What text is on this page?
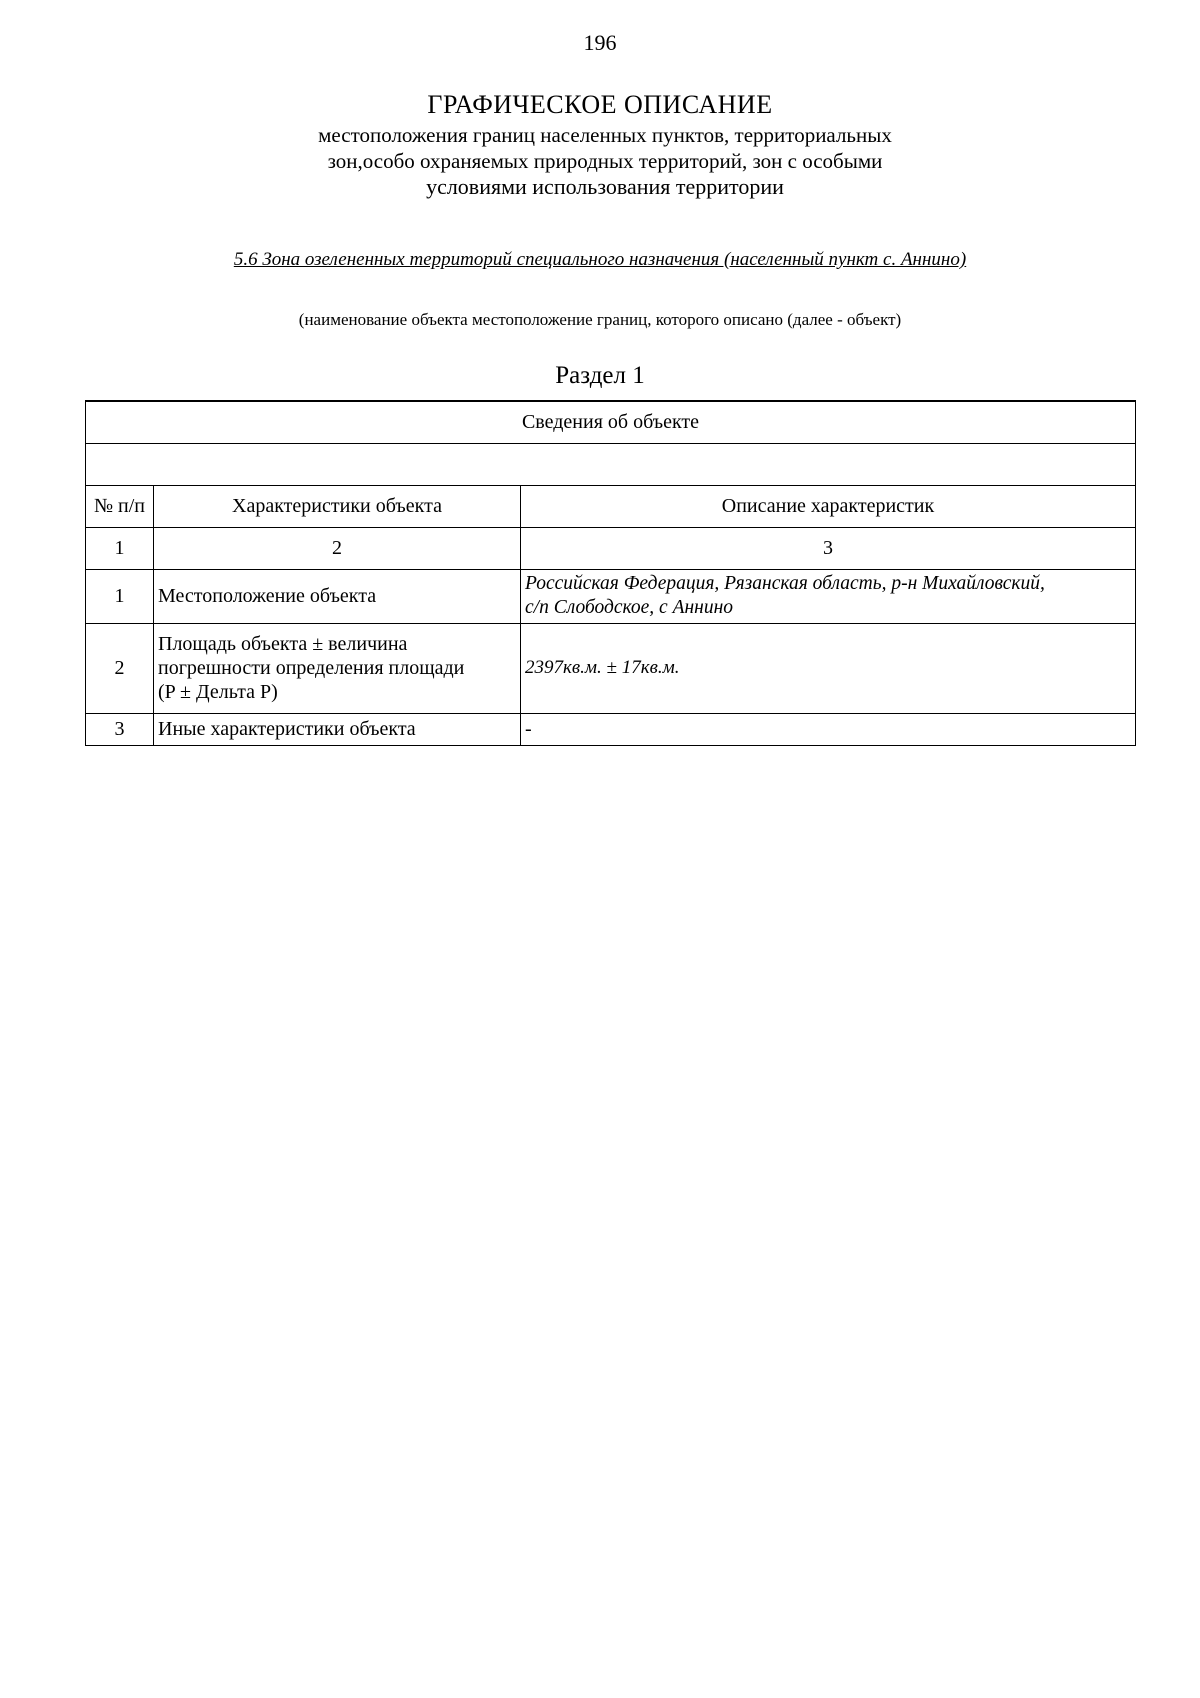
196
ГРАФИЧЕСКОЕ ОПИСАНИЕ
местоположения границ населенных пунктов, территориальных
зон,особо охраняемых природных территорий, зон с особыми
условиями использования территории
5.6 Зона озелененных территорий специального назначения (населенный пункт с. Аннино)
(наименование объекта местоположение границ, которого описано (далее - объект)
Раздел 1
Сведения об объекте		

№ п/п	Характеристики объекта	Описание характеристик
1	2	3
1	Местоположение объекта	Российская Федерация, Рязанская область, р-н Михайловский,
с/п Слободское, с Аннино

2	Площадь объекта ± величина
погрешности определения площади
(P ± Дельта P)	2397кв.м. ± 17кв.м.
3	Иные характеристики объекта	-
